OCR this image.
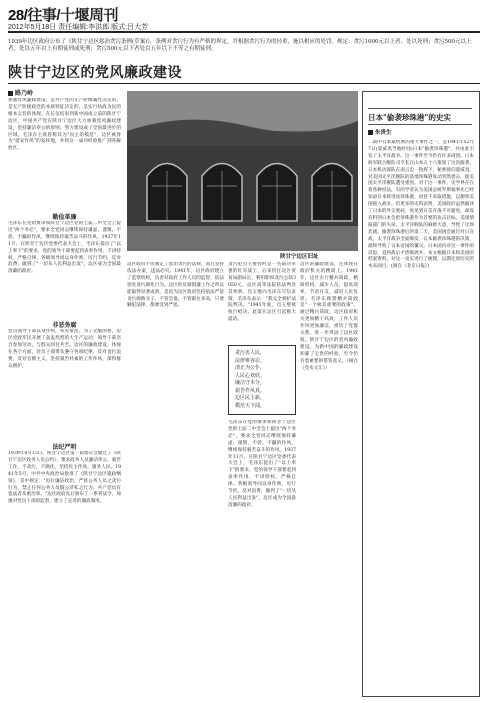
28/往事/十堰周刊
2012年5月18日 责任编辑:李洪郎 版式:吕大芳
1939年边区政府公布了《陕甘宁边区惩治贪污条例(草案)》，条例对贪污行为有严格的界定，并根据贪污行为的轻重，施以相应的处罚。规定：贪污1000元以上者，处以死刑；贪污500元以上者，处以五年以上有期徒刑或死刑；贪污500元以下者处以五年以下不等之有期徒刑。
陕甘宁边区的党风廉政建设
路乃岭
加强党风廉政建设，是共产党的无产阶级属性决定的，是无产阶级政党的本质特征决定的，是实行执政为民的根本宗旨的体现。在长征结束到新中国成立前的陕甘宁边区，中国共产党在陕甘宁边区大力加强党风廉政建设，坚持廉洁奉公的原则，努力建设成了全国最进步的区域。毛泽东主席曾称其为"民主的模范"，边区被誉为"延安作风"的发祥地，并将这一成功经验推广到各解放区。
勤俭革廉
毛泽东在党的要求和陕甘宁边区党的七届二中全会上提出"两个务必"，要求全党同志继续保持谦虚、谨慎、不骄、不躁的作风，继续保持艰苦奋斗的作风。1937年11月，在陕甘宁边区党委代表大会上，毛泽东提出了"以上率下"的要求，党的领导干部要起到表率作用，不讲特权，严格自律。各级领导同以身作则，厉行节约，反对浪费，做到了"一切从人民利益出发"，边区成为全国最清廉的政府。
非恶务腐
党员领导干部以身作则，率先垂范。为了克服困难，边区党政军民开展了轰轰烈烈的大生产运动，领导干部亲自参加劳动，与群众同甘共苦。边区的廉政建设，体现在各个方面，党员干部带头遵守各项纪律，反对贪污浪费，反对官僚主义，坚持艰苦朴素的工作作风，深得群众拥护。
法纪严明
1939年8月15日，陕甘宁边区第一届参议会通过了《陕甘宁边区政务人员公约》，要求政务人员廉洁奉公，艰苦工作，不贪污，不腐化，坚持民主作风，服务人民。1941年5月，中共中央政治局批准了《陕甘宁边区施政纲领》，其中规定："厉行廉洁政治，严惩公务人员之贪污行为，禁止任何公务人员假公济私之行为，共产党员有犯法者从重治罪。"边区政府先后颁布了一系列法令，加强对党员干部的监督，建立了完善的廉政制度。
陕甘宁边区旧址
边区政府不但制定了惩治贪污的法规，而且坚持依法办案，违法必究。1941年，边区政府建立了监察机构，负责对政府工作人员的监督，依法惩处贪污腐化行为。边区的反腐倡廉工作之所以能取得显著成效，是因为边区政府坚持依法严惩贪污腐败分子，不管是谁，不管职位多高，只要触犯法律，都要受到严惩。
贪污犯肖玉璧曾经是一名战功卓著的红军战士，后来担任边区贸易局副局长，利用职权贪污公款3050元，边区高等法院依法判处其死刑。肖玉璧向毛泽东写信求情，毛泽东表示："我完全拥护法院判决。"1941年底，肖玉璧被执行枪决。此案在边区引起极大震动。
贪污害人民，
法律难容忍。
清正为公仆，
人民心欢欣。
廉洁守本分，
艰苦作风真。
边区民主新，
模范天下闻。
毛泽东在党的要求和陕甘宁边区党的七届二中全会上提出"两个务必"，要求全党同志继续保持谦虚、谨慎、不骄、不躁的作风，继续保持艰苦奋斗的作风。1937年11月，在陕甘宁边区党委代表大会上，毛泽东提出了"以上率下"的要求，党的领导干部要起到表率作用，不讲特权，严格自律。各级领导同以身作则，厉行节约，反对浪费，做到了"一切从人民利益出发"，边区成为全国最清廉的政府。
边区的廉政建设，还体现在政府机关的精简上。1941年，边区实行精兵简政，精简机构，减少人员，提高效率，节省开支，减轻人民负担。毛泽东称赞精兵简政是"一个极其重要的政策"。通过精兵简政，边区政府机关更加精干高效，工作人员作风更加廉洁，密切了党群关系，进一步巩固了边区政权。陕甘宁边区的党风廉政建设，为新中国的廉政建设积累了宝贵的经验，至今仍有着重要的借鉴意义。（摘自《党史文汇》）
日本"偷袭珍珠港"的史实
朱贵生
二战中日本最机密的重大事件之一，是1941年12月7日(夏威夷当地时间)日本"偷袭珍珠港"，并由此引发了太平洋战争。这一事件至今仍有许多谜团。日本海军联合舰队司令长官山本五十六策划了这次偷袭，日本机动部队在南云忠一指挥下，秘密驶向夏威夷，对美国太平洋舰队的基地珍珠港发动突然袭击，使美国太平洋舰队遭受重创。对于这一事件，史学界存在着各种说法，有的学者认为美国总统罗斯福事先已经知道日本将进攻珍珠港，故意不采取措施，以便将美国拖入战争。但更多的史料表明，美国政府虽然破译了日本的外交密码，预见到日美开战不可避免，却没有料到日本会把珍珠港作为首要的攻击目标。美国情报部门的失误，太平洋舰队的麻痹大意，导致了这场悲剧。偷袭珍珠港后的第二天，美国国会通过对日宣战，太平洋战争全面爆发。日本偷袭珍珠港的决策，最终导致了日本帝国的覆灭。日本国内对这一事件的反思，直到战后才逐渐展开。本文根据日本和美国的档案资料，对这一史实进行了梳理，以期还原历史的本来面目。(摘自《北京日报》)
